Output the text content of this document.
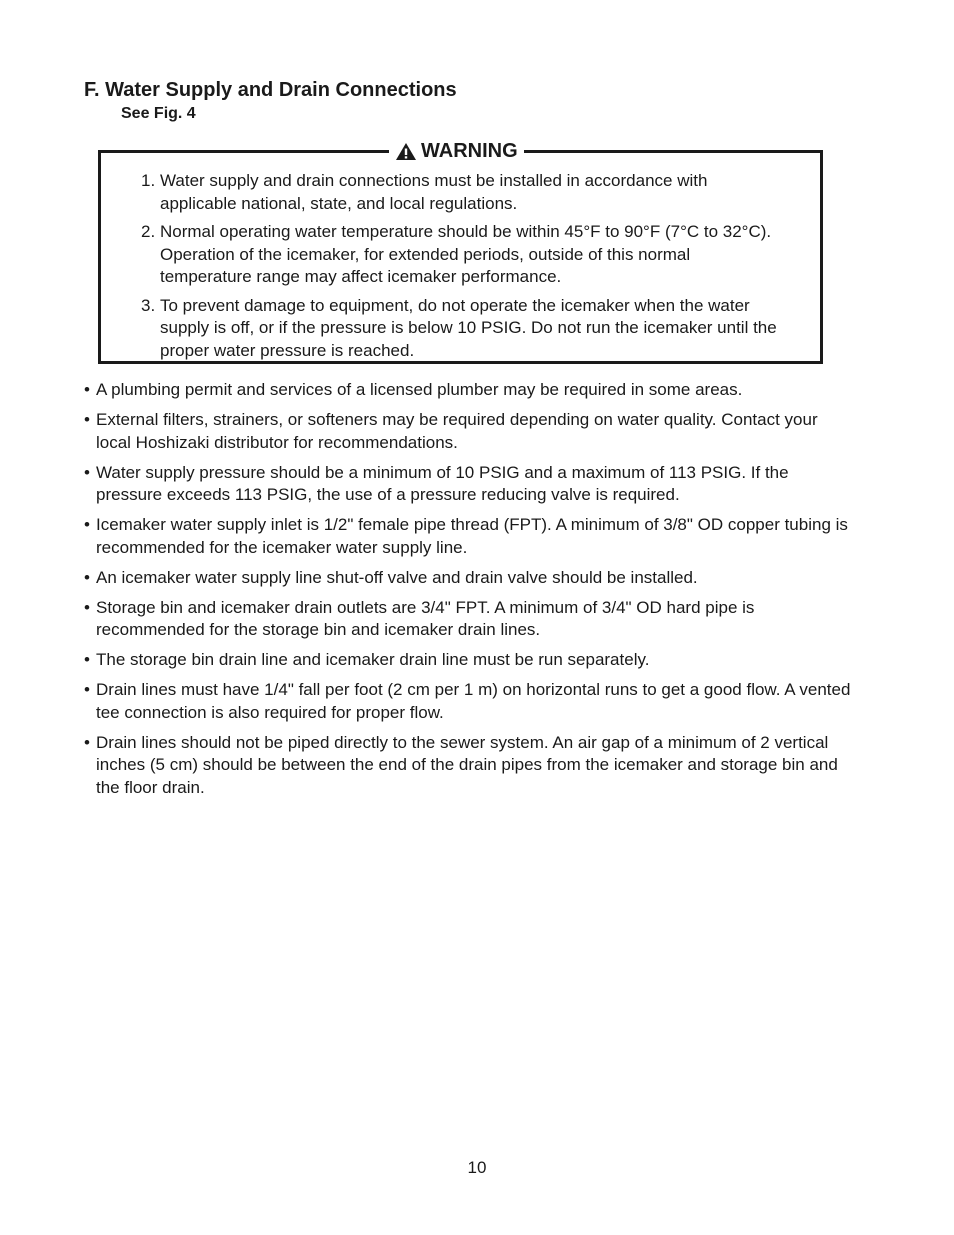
F. Water Supply and Drain Connections
See Fig. 4
WARNING
1. Water supply and drain connections must be installed in accordance with applicable national, state, and local regulations.
2. Normal operating water temperature should be within 45°F to 90°F (7°C to 32°C). Operation of the icemaker, for extended periods, outside of this normal temperature range may affect icemaker performance.
3. To prevent damage to equipment, do not operate the icemaker when the water supply is off, or if the pressure is below 10 PSIG. Do not run the icemaker until the proper water pressure is reached.
• A plumbing permit and services of a licensed plumber may be required in some areas.
• External filters, strainers, or softeners may be required depending on water quality. Contact your local Hoshizaki distributor for recommendations.
• Water supply pressure should be a minimum of 10 PSIG and a maximum of 113 PSIG. If the pressure exceeds 113 PSIG, the use of a pressure reducing valve is required.
• Icemaker water supply inlet is 1/2" female pipe thread (FPT). A minimum of 3/8" OD copper tubing is recommended for the icemaker water supply line.
• An icemaker water supply line shut-off valve and drain valve should be installed.
• Storage bin and icemaker drain outlets are 3/4" FPT. A minimum of 3/4" OD hard pipe is recommended for the storage bin and icemaker drain lines.
• The storage bin drain line and icemaker drain line must be run separately.
• Drain lines must have 1/4" fall per foot (2 cm per 1 m) on horizontal runs to get a good flow. A vented tee connection is also required for proper flow.
• Drain lines should not be piped directly to the sewer system. An air gap of a minimum of 2 vertical inches (5 cm) should be between the end of the drain pipes from the icemaker and storage bin and the floor drain.
10
